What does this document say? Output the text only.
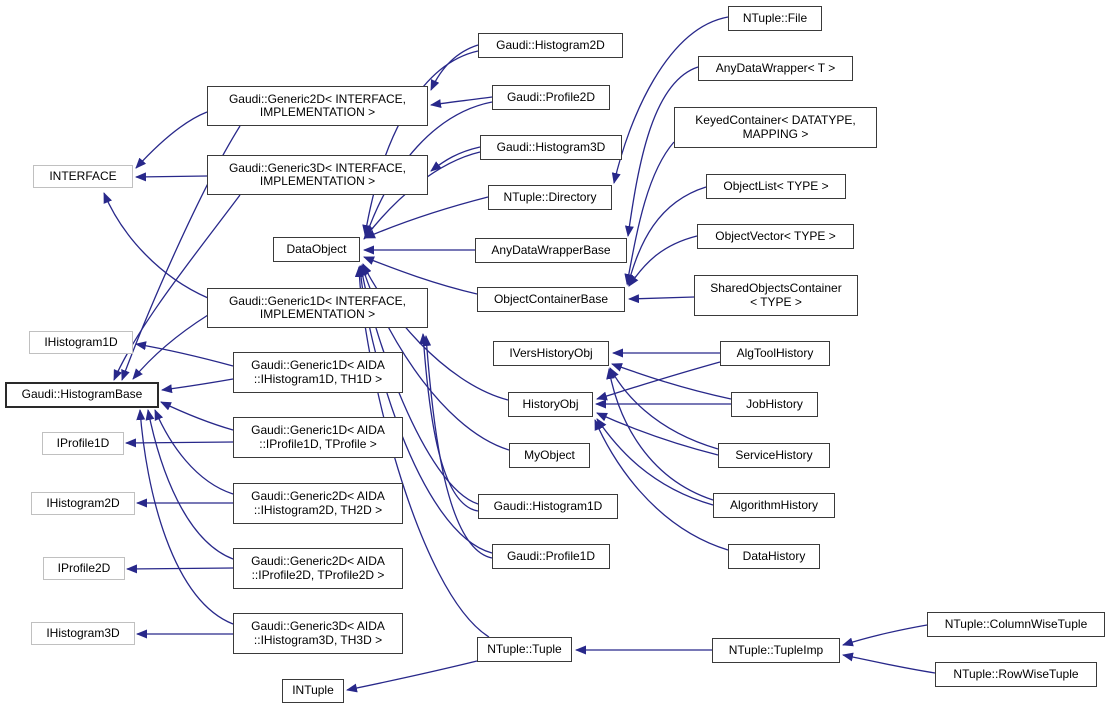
INTERFACE
Gaudi::Generic2D< INTERFACE,
IMPLEMENTATION >
Gaudi::Generic3D< INTERFACE,
IMPLEMENTATION >
Gaudi::Generic1D< INTERFACE,
IMPLEMENTATION >
IHistogram1D
Gaudi::HistogramBase
IProfile1D
IHistogram2D
IProfile2D
IHistogram3D
Gaudi::Generic1D< AIDA
::IHistogram1D, TH1D >
Gaudi::Generic1D< AIDA
::IProfile1D, TProfile >
Gaudi::Generic2D< AIDA
::IHistogram2D, TH2D >
Gaudi::Generic2D< AIDA
::IProfile2D, TProfile2D >
Gaudi::Generic3D< AIDA
::IHistogram3D, TH3D >
INTuple
Gaudi::Histogram2D
Gaudi::Profile2D
Gaudi::Histogram3D
NTuple::Directory
DataObject	AnyDataWrapperBase
ObjectContainerBase
IVersHistoryObj
HistoryObj
MyObject
Gaudi::Histogram1D
Gaudi::Profile1D
NTuple::Tuple
NTuple::File
AnyDataWrapper< T >
KeyedContainer< DATATYPE,
MAPPING >
ObjectList< TYPE >
ObjectVector< TYPE >
SharedObjectsContainer
< TYPE >
AlgToolHistory
JobHistory
ServiceHistory
AlgorithmHistory
DataHistory
NTuple::TupleImp
NTuple::ColumnWiseTuple
NTuple::RowWiseTuple
